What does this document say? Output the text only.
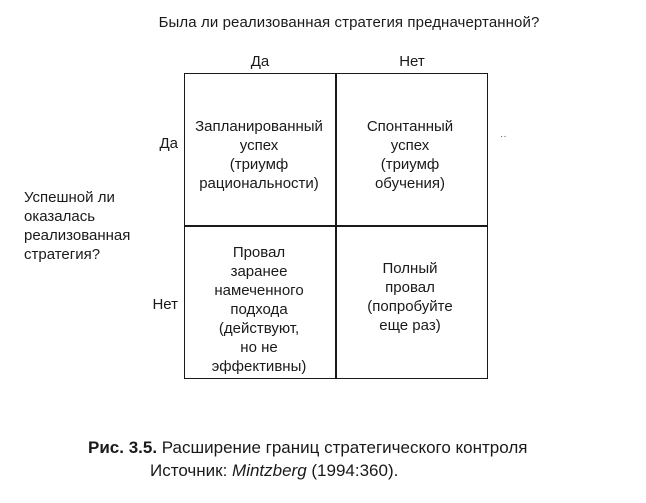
Была ли реализованная стратегия предначертанной?
Да	Нет
Да
Нет
Успешной ли оказалась реализованная стратегия?
Запланированный
успех
(триумф
рациональности)
Спонтанный
успех
(триумф
обучения)
Провал
заранее
намеченного
подхода
(действуют,
но не
эффективны)
Полный
провал
(попробуйте
еще раз)
··
Рис. 3.5. Расширение границ стратегического контроля
Источник: Mintzberg (1994:360).
